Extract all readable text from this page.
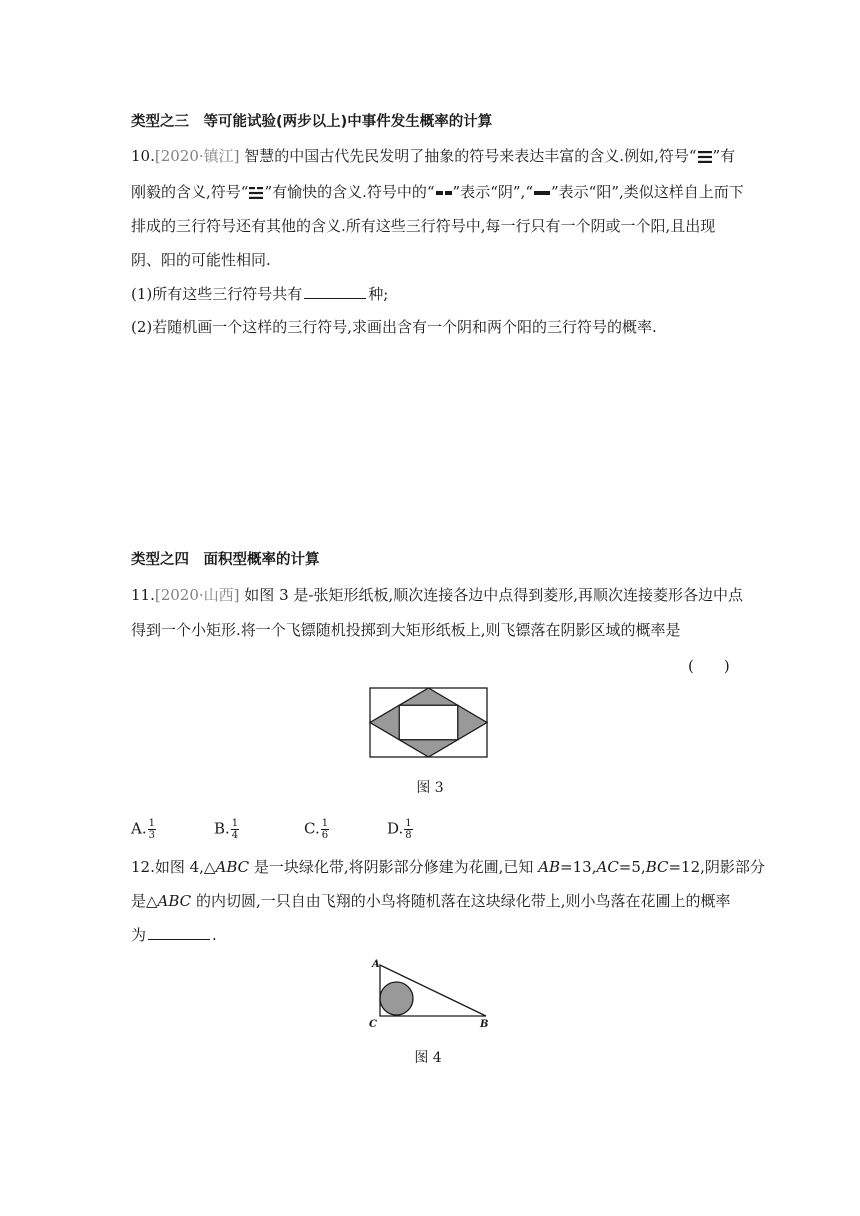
类型之三　等可能试验(两步以上)中事件发生概率的计算
10.[2020·镇江] 智慧的中国古代先民发明了抽象的符号来表达丰富的含义.例如,符号“ ”有
刚毅的含义,符号“ ”有愉快的含义.符号中的“ ”表示“阴”,“ ”表示“阳”,类似这样自上而下
排成的三行符号还有其他的含义.所有这些三行符号中,每一行只有一个阴或一个阳,且出现
阴、阳的可能性相同.
(1)所有这些三行符号共有	种;
(2)若随机画一个这样的三行符号,求画出含有一个阴和两个阳的三行符号的概率.
类型之四　面积型概率的计算
11.[2020·山西] 如图 3 是-张矩形纸板,顺次连接各边中点得到菱形,再顺次连接菱形各边中点
得到一个小矩形.将一个飞镖随机投掷到大矩形纸板上,则飞镖落在阴影区域的概率是
(　　)
图 3
A. $\frac{1}{3}$	B. $\frac{1}{4}$	C. $\frac{1}{6}$	D. $\frac{1}{8}$
12.如图 4,△ABC 是一块绿化带,将阴影部分修建为花圃,已知 AB=13,AC=5,BC=12,阴影部分
是△ABC 的内切圆,一只自由飞翔的小鸟将随机落在这块绿化带上,则小鸟落在花圃上的概率
为	.
A
C	B
图 4
